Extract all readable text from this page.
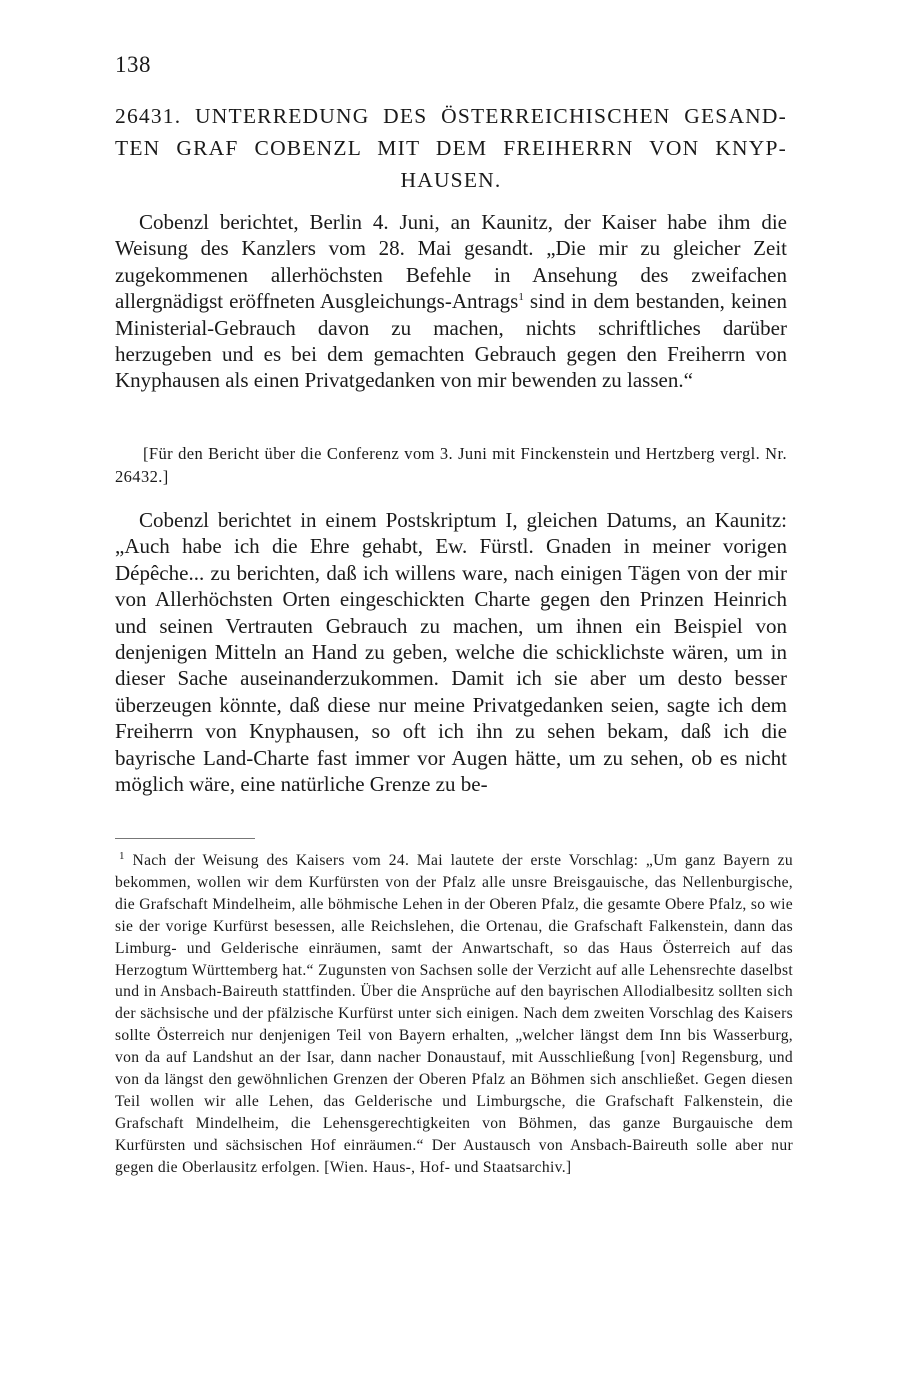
138
26431. UNTERREDUNG DES ÖSTERREICHISCHEN GESAND-
TEN GRAF COBENZL MIT DEM FREIHERRN VON KNYP-
HAUSEN.
Cobenzl berichtet, Berlin 4. Juni, an Kaunitz, der Kaiser habe ihm die Weisung des Kanzlers vom 28. Mai gesandt. „Die mir zu gleicher Zeit zugekommenen allerhöchsten Befehle in Ansehung des zweifachen allergnädigst eröffneten Ausgleichungs-Antrags$^1$ sind in dem bestanden, keinen Ministerial-Gebrauch davon zu machen, nichts schriftliches darüber herzugeben und es bei dem gemachten Gebrauch gegen den Freiherrn von Knyphausen als einen Privatgedanken von mir bewenden zu lassen.“
[Für den Bericht über die Conferenz vom 3. Juni mit Finckenstein und Hertzberg vergl. Nr. 26432.]
Cobenzl berichtet in einem Postskriptum I, gleichen Datums, an Kaunitz: „Auch habe ich die Ehre gehabt, Ew. Fürstl. Gnaden in meiner vorigen Dépêche... zu berichten, daß ich willens ware, nach einigen Tägen von der mir von Allerhöchsten Orten eingeschickten Charte gegen den Prinzen Heinrich und seinen Vertrauten Gebrauch zu machen, um ihnen ein Beispiel von denjenigen Mitteln an Hand zu geben, welche die schicklichste wären, um in dieser Sache auseinanderzukommen. Damit ich sie aber um desto besser überzeugen könnte, daß diese nur meine Privatgedanken seien, sagte ich dem Freiherrn von Knyphausen, so oft ich ihn zu sehen bekam, daß ich die bayrische Land-Charte fast immer vor Augen hätte, um zu sehen, ob es nicht möglich wäre, eine natürliche Grenze zu be-
$^1$ Nach der Weisung des Kaisers vom 24. Mai lautete der erste Vorschlag: „Um ganz Bayern zu bekommen, wollen wir dem Kurfürsten von der Pfalz alle unsre Breisgauische, das Nellenburgische, die Grafschaft Mindelheim, alle böhmische Lehen in der Oberen Pfalz, die gesamte Obere Pfalz, so wie sie der vorige Kurfürst besessen, alle Reichslehen, die Ortenau, die Grafschaft Falkenstein, dann das Limburg- und Gelderische einräumen, samt der Anwartschaft, so das Haus Österreich auf das Herzogtum Württemberg hat.“ Zugunsten von Sachsen solle der Verzicht auf alle Lehensrechte daselbst und in Ansbach-Baireuth stattfinden. Über die Ansprüche auf den bayrischen Allodialbesitz sollten sich der sächsische und der pfälzische Kurfürst unter sich einigen. Nach dem zweiten Vorschlag des Kaisers sollte Österreich nur denjenigen Teil von Bayern erhalten, „welcher längst dem Inn bis Wasserburg, von da auf Landshut an der Isar, dann nacher Donaustauf, mit Ausschließung [von] Regensburg, und von da längst den gewöhnlichen Grenzen der Oberen Pfalz an Böhmen sich anschließet. Gegen diesen Teil wollen wir alle Lehen, das Gelderische und Limburgsche, die Grafschaft Falkenstein, die Grafschaft Mindelheim, die Lehensgerechtigkeiten von Böhmen, das ganze Burgauische dem Kurfürsten und sächsischen Hof einräumen.“ Der Austausch von Ansbach-Baireuth solle aber nur gegen die Oberlausitz erfolgen. [Wien. Haus-, Hof- und Staatsarchiv.]
